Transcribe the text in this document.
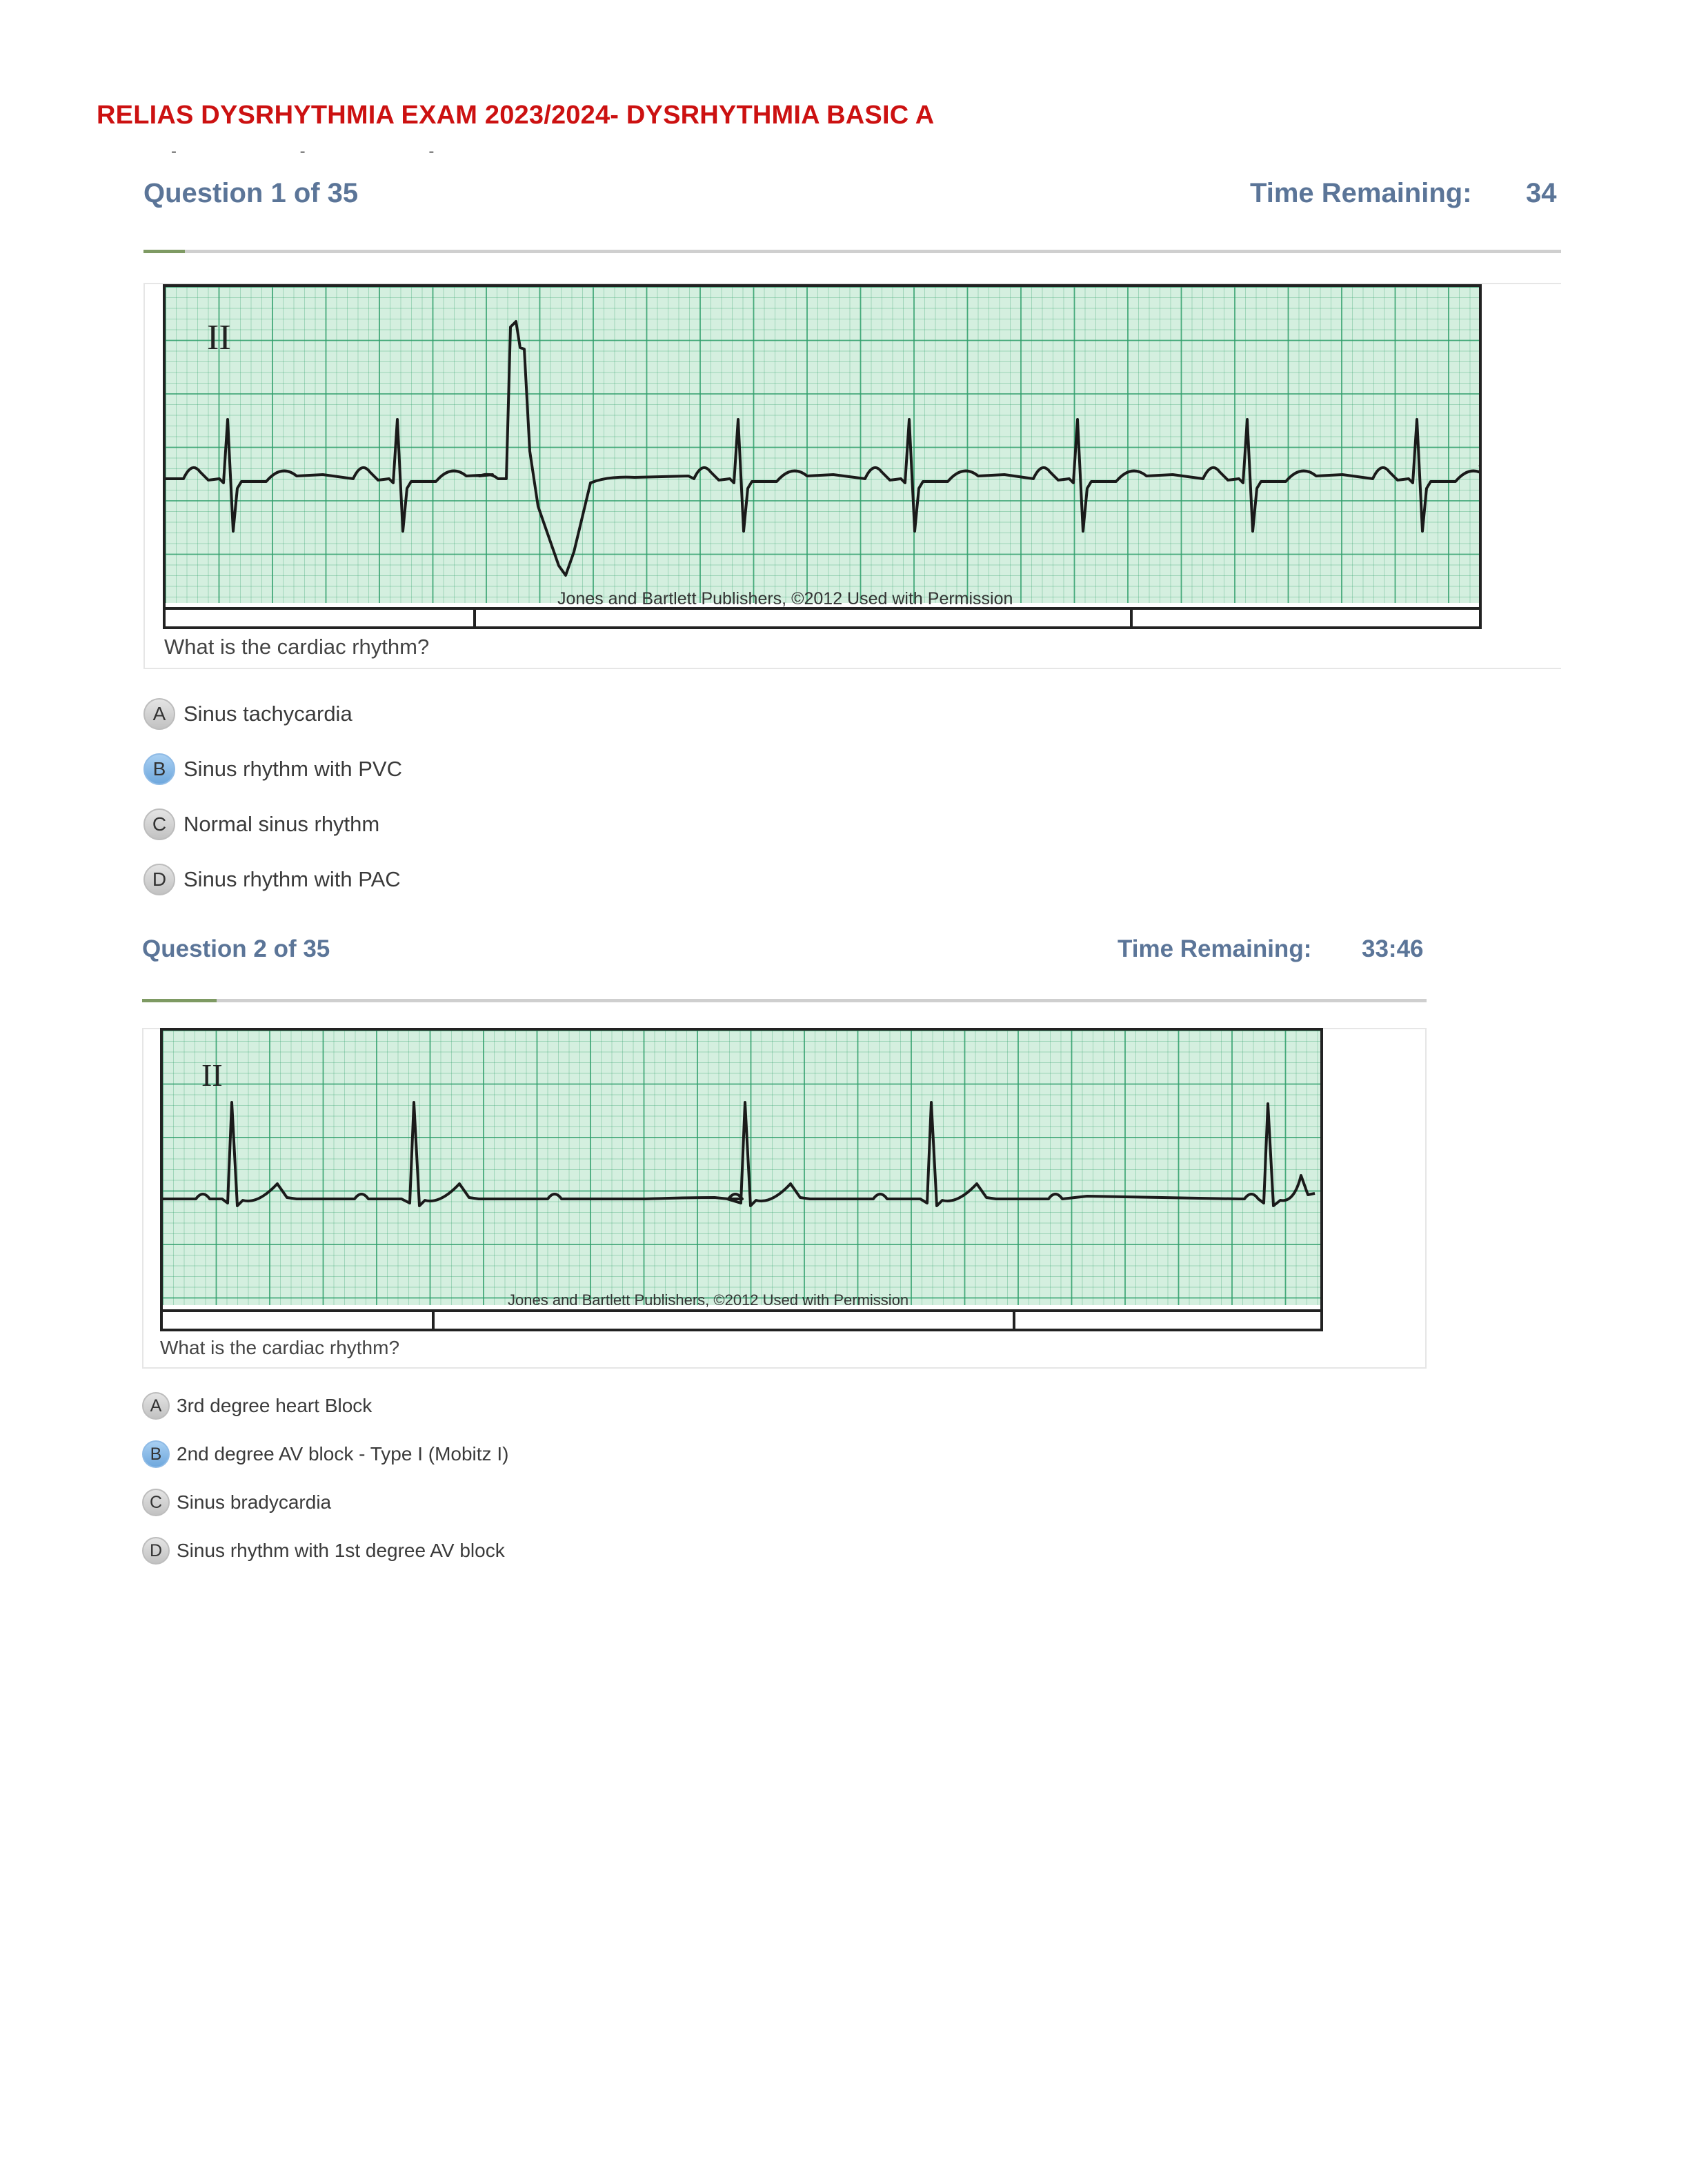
RELIAS DYSRHYTHMIA EXAM 2023/2024- DYSRHYTHMIA BASIC A
- - -
Question 1 of 35	Time Remaining: 34
II
Jones and Bartlett Publishers, ©2012 Used with Permission
What is the cardiac rhythm?
A Sinus tachycardia
B Sinus rhythm with PVC
C Normal sinus rhythm
D Sinus rhythm with PAC
Question 2 of 35	Time Remaining: 33:46
II
Jones and Bartlett Publishers, ©2012 Used with Permission
What is the cardiac rhythm?
A 3rd degree heart Block
B 2nd degree AV block - Type I (Mobitz I)
C Sinus bradycardia
D Sinus rhythm with 1st degree AV block
